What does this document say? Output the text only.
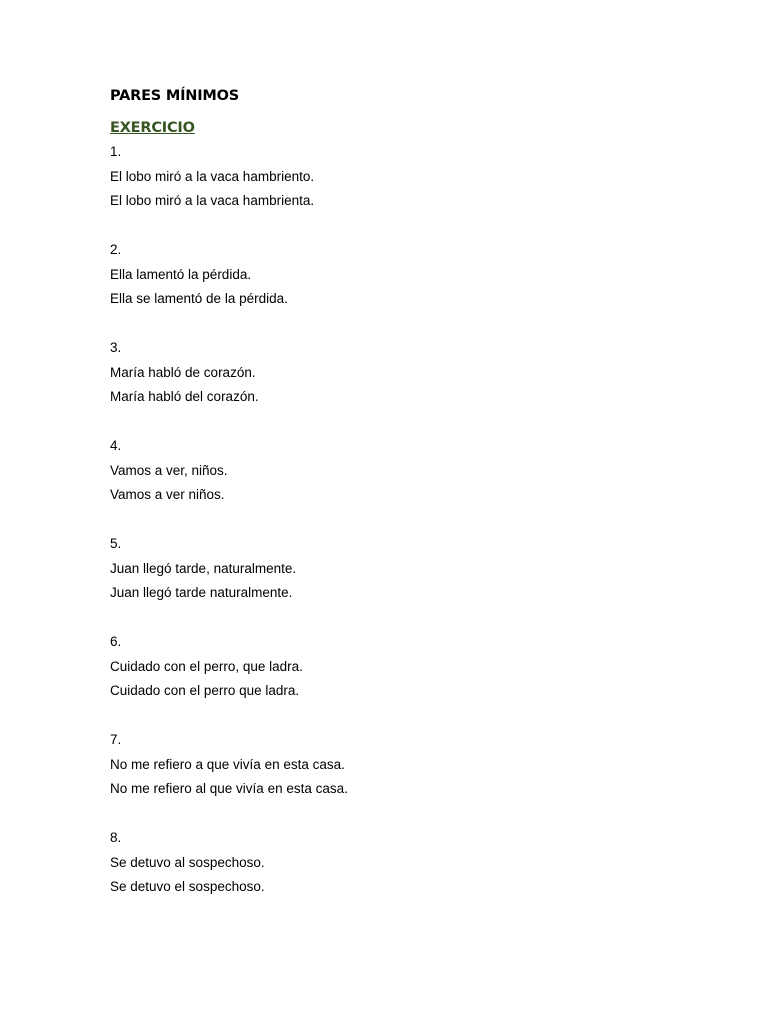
PARES MÍNIMOS
EXERCICIO

1.

El lobo miró a la vaca hambriento.

El lobo miró a la vaca hambrienta.

2.

Ella lamentó la pérdida.

Ella se lamentó de la pérdida.

3.

María habló de corazón.

María habló del corazón.

4.

Vamos a ver, niños.

Vamos a ver niños.

5.

Juan llegó tarde, naturalmente.

Juan llegó tarde naturalmente.

6.

Cuidado con el perro, que ladra.

Cuidado con el perro que ladra.

7.

No me refiero a que vivía en esta casa.

No me refiero al que vivía en esta casa.

8.

Se detuvo al sospechoso.

Se detuvo el sospechoso.
